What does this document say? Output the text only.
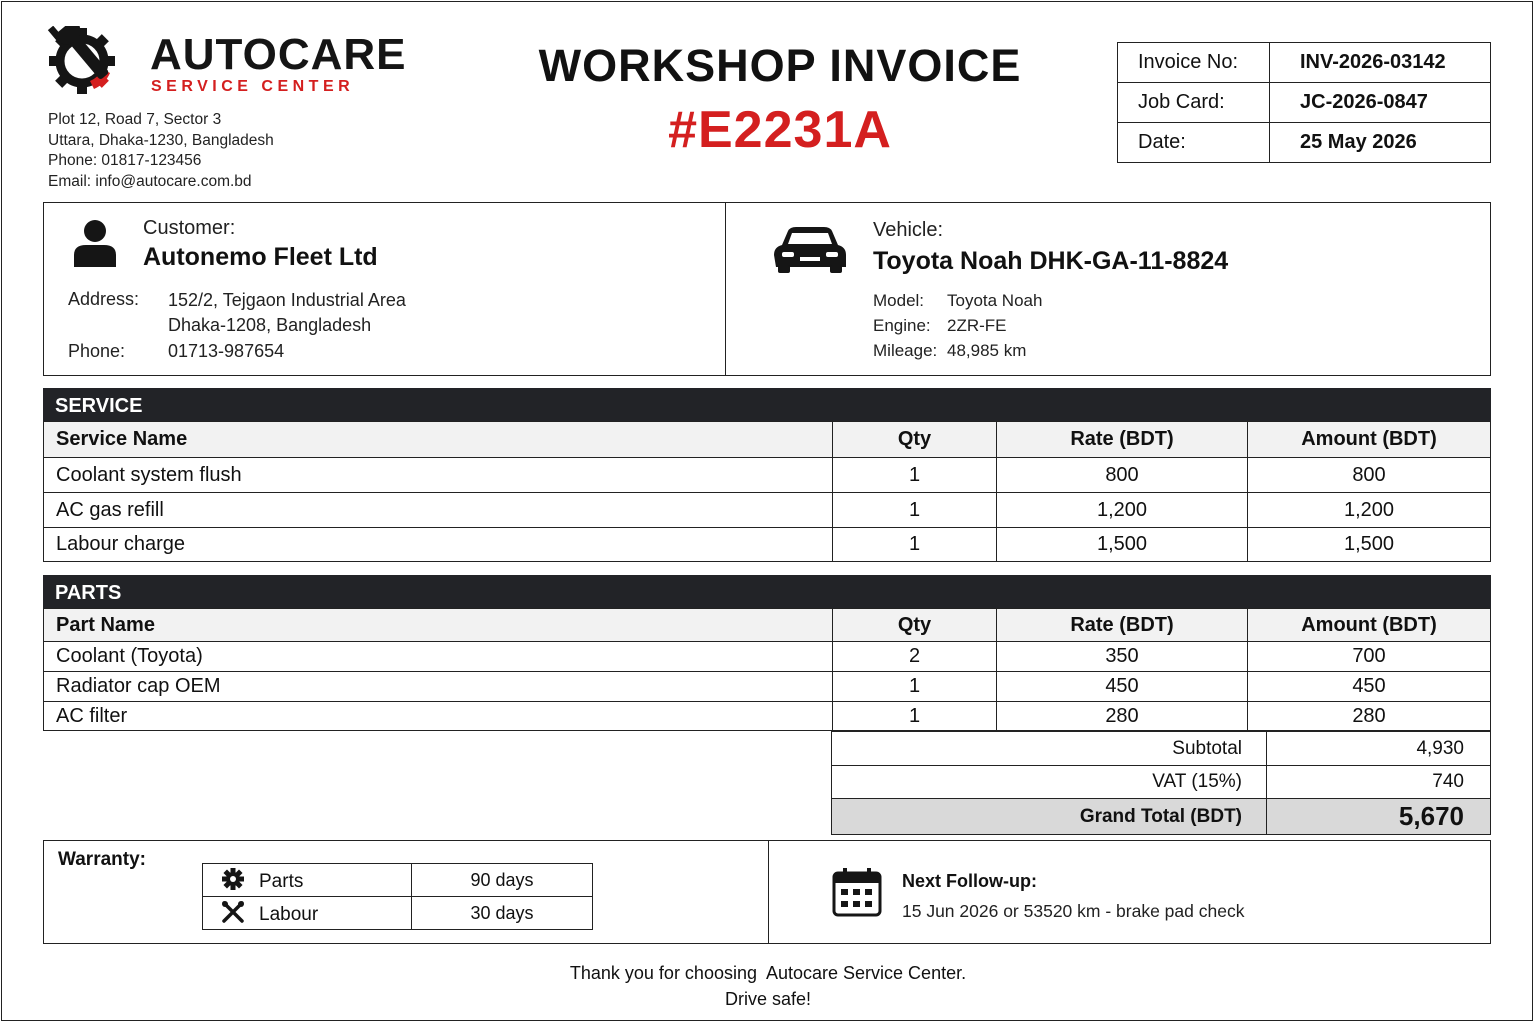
AUTOCARE
SERVICE CENTER
Plot 12, Road 7, Sector 3
Uttara, Dhaka-1230, Bangladesh
Phone: 01817-123456
Email: info@autocare.com.bd
WORKSHOP INVOICE
#E2231A
Invoice No:	INV-2026-03142
Job Card:	JC-2026-0847
Date:	25 May 2026
Customer:
Autonemo Fleet Ltd
Address: 152/2, Tejgaon Industrial Area
Dhaka-1208, Bangladesh
Phone: 01713-987654
Vehicle:
Toyota Noah DHK-GA-11-8824
Model: Toyota Noah
Engine: 2ZR-FE
Mileage: 48,985 km
SERVICE
Service Name	Qty	Rate (BDT)	Amount (BDT)
Coolant system flush	1	800	800
AC gas refill	1	1,200	1,200
Labour charge	1	1,500	1,500
PARTS
Part Name	Qty	Rate (BDT)	Amount (BDT)
Coolant (Toyota)	2	350	700
Radiator cap OEM	1	450	450
AC filter	1	280	280
Subtotal	4,930
VAT (15%)	740
Grand Total (BDT)	5,670
Warranty:
Next Follow-up:
15 Jun 2026 or 53520 km - brake pad check
Parts	90 days
Labour	30 days
Thank you for choosing  Autocare Service Center.
Drive safe!
